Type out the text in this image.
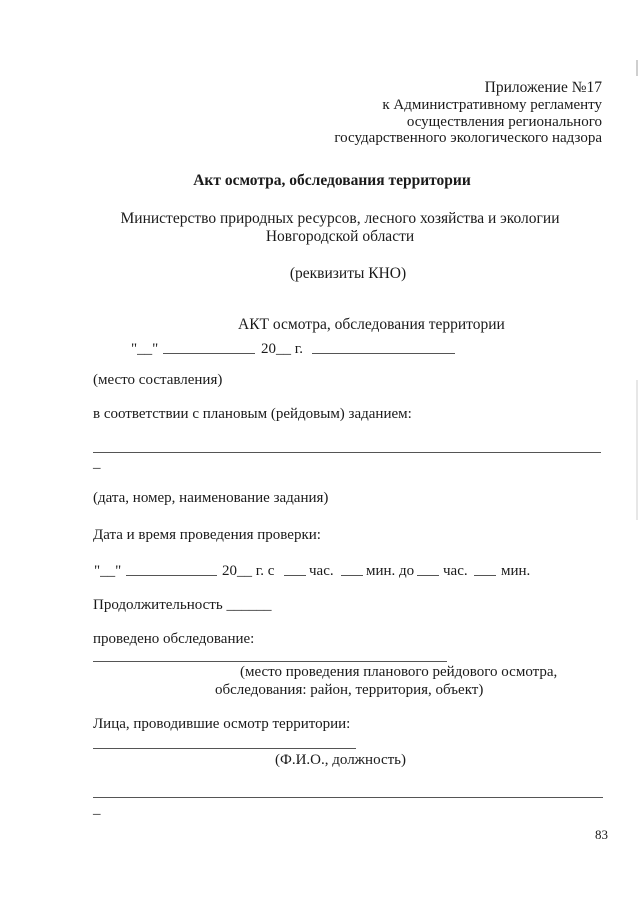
Приложение №17
к Административному регламенту
осуществления регионального
государственного экологического надзора
Акт осмотра, обследования территории
Министерство природных ресурсов, лесного хозяйства и экологии
Новгородской области
(реквизиты КНО)
АКТ осмотра, обследования территории
"__"	20__ г.
(место составления)
в соответствии с плановым (рейдовым) заданием:
–
(дата, номер, наименование задания)
Дата и время проведения проверки:
"__"	20__ г. с час. мин. до час. мин.
Продолжительность ______
проведено обследование:
(место проведения планового рейдового осмотра,
обследования: район, территория, объект)
Лица, проводившие осмотр территории:
(Ф.И.О., должность)
–
83
